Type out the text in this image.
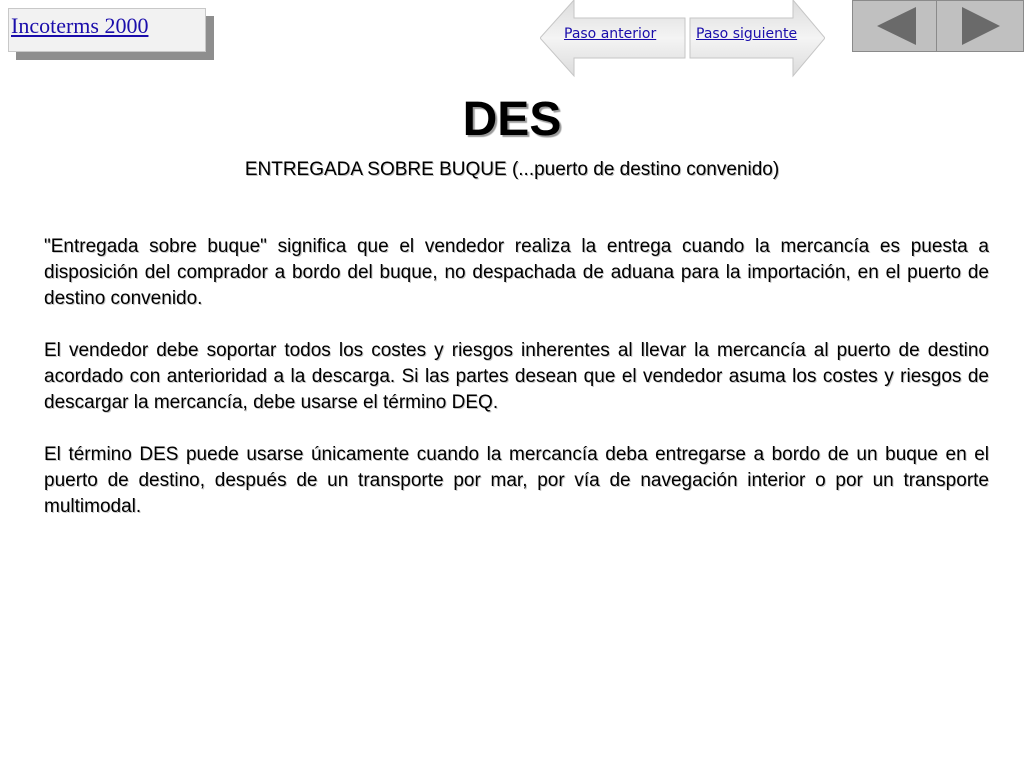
Incoterms 2000	Paso anterior	Paso siguiente
DES
ENTREGADA SOBRE BUQUE (...puerto de destino convenido)

"Entregada sobre buque" significa que el vendedor realiza la entrega cuando la mercancía es puesta a disposición del comprador a bordo del buque, no despachada de aduana para la importación, en el puerto de destino convenido.

El vendedor debe soportar todos los costes y riesgos inherentes al llevar la mercancía al puerto de destino acordado con anterioridad a la descarga. Si las partes desean que el vendedor asuma los costes y riesgos de descargar la mercancía, debe usarse el término DEQ.

El término DES puede usarse únicamente cuando la mercancía deba entregarse a bordo de un buque en el puerto de destino, después de un transporte por mar, por vía de navegación interior o por un transporte multimodal.
